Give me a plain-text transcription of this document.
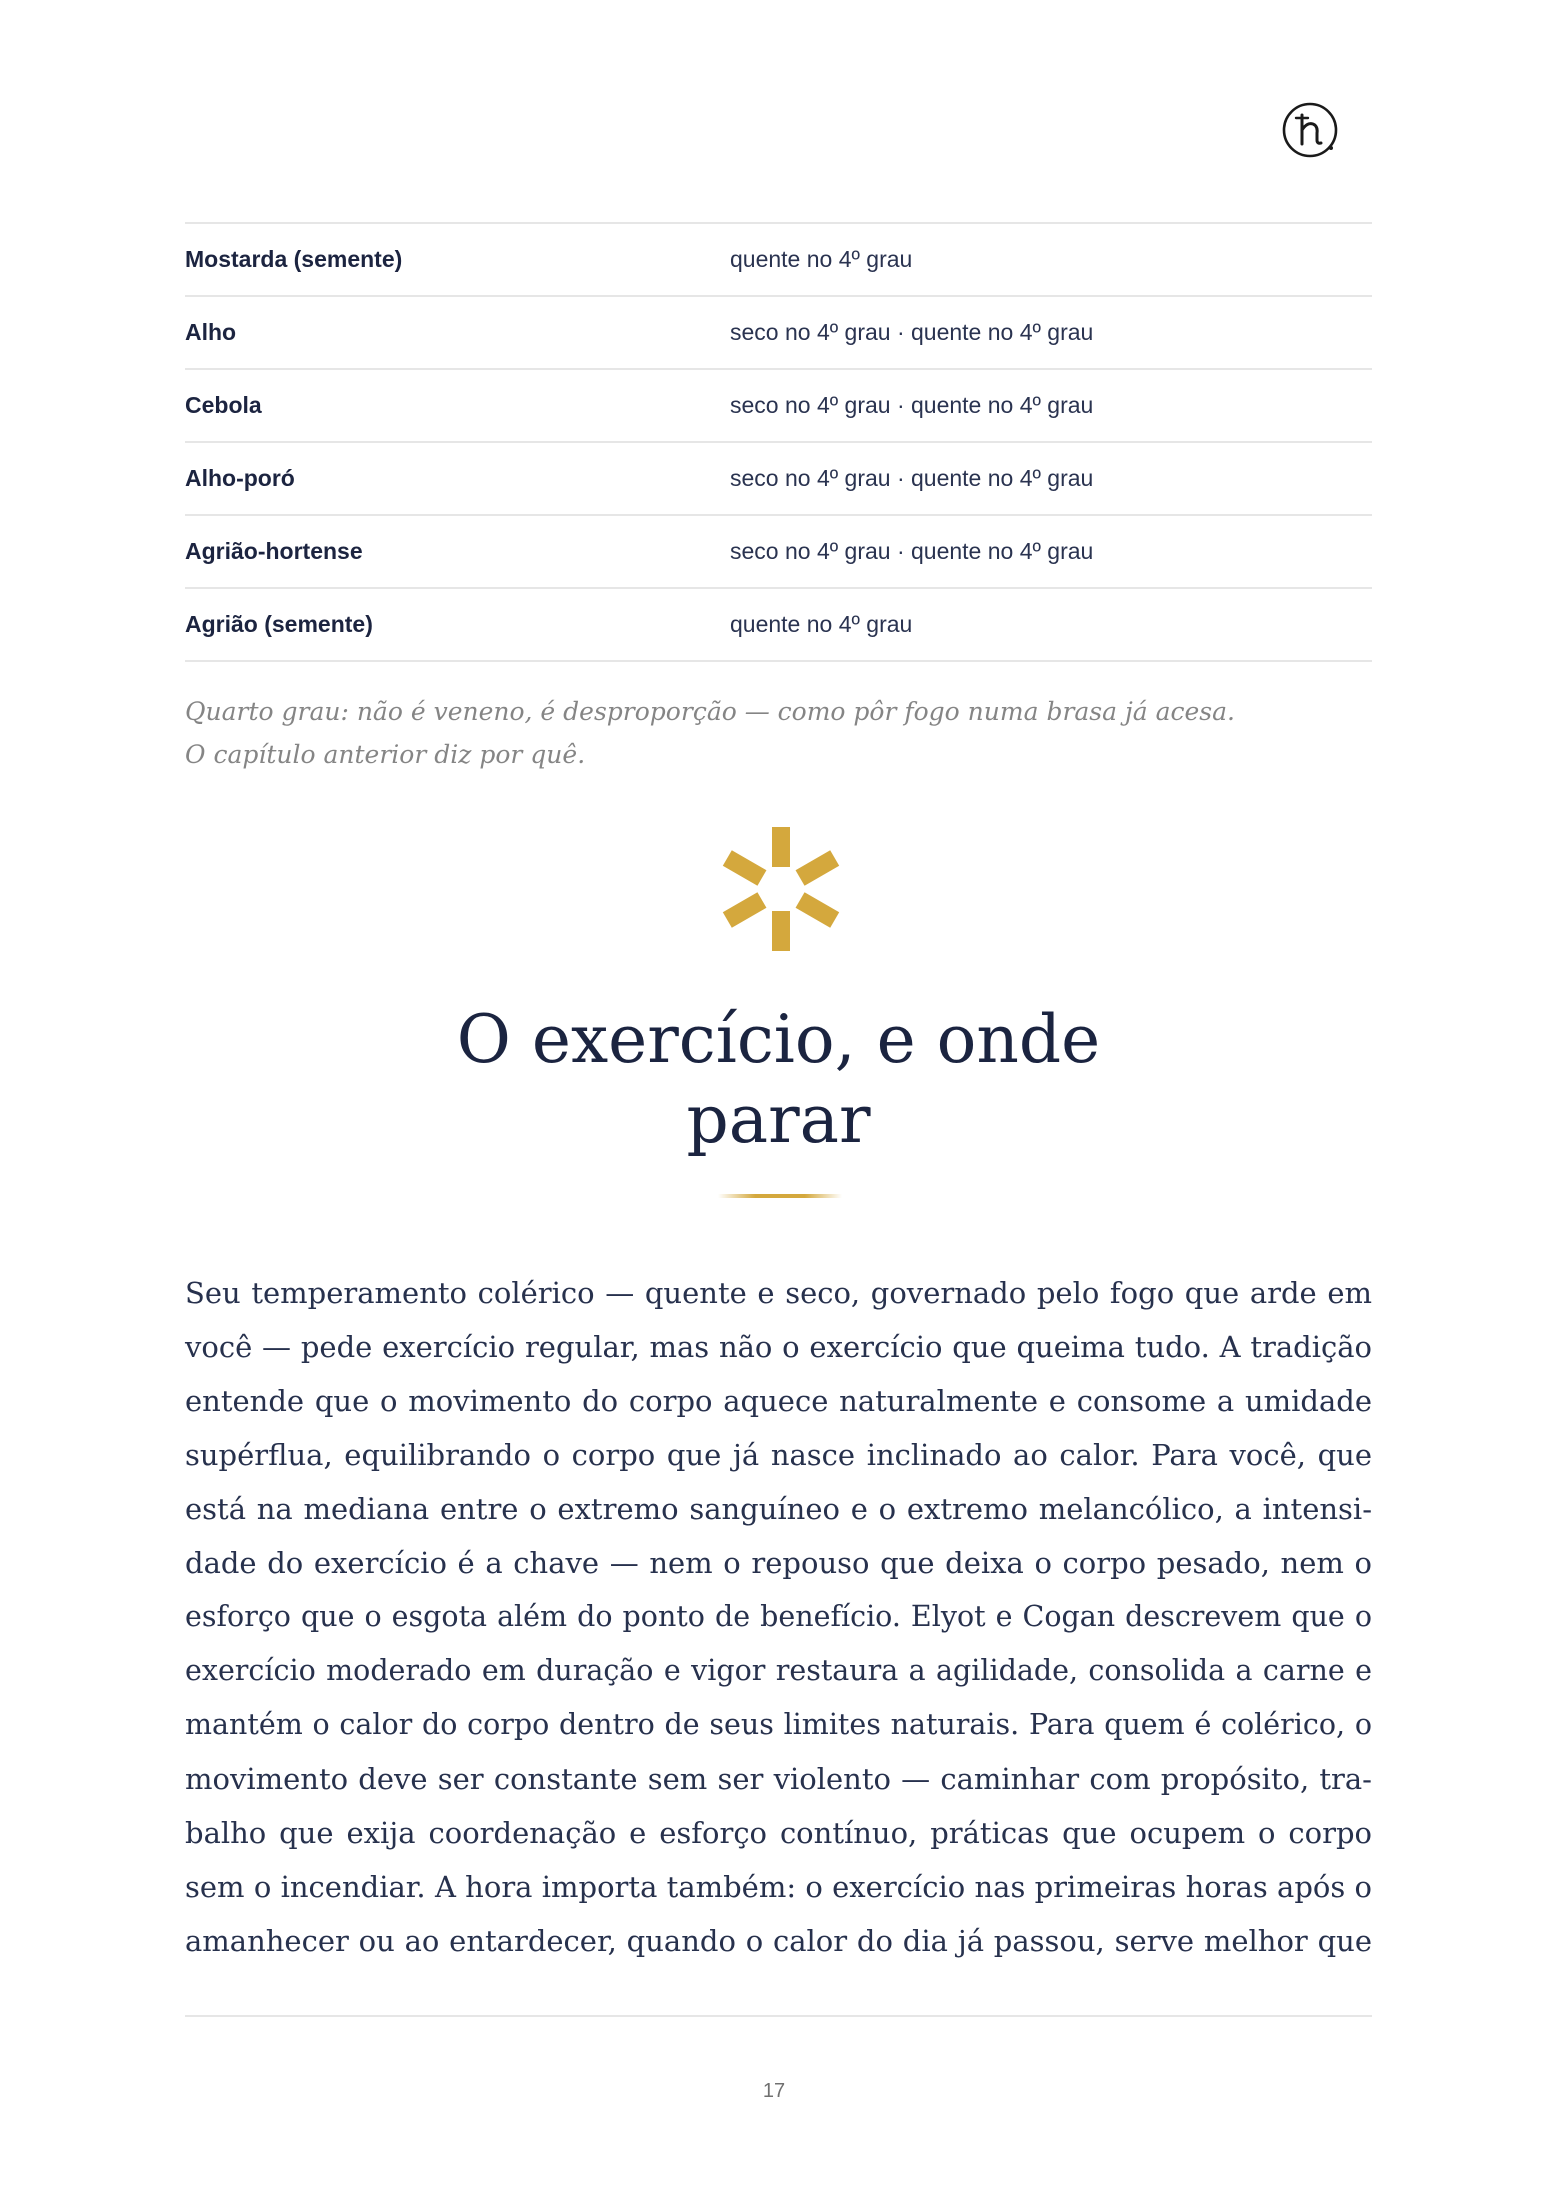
Mostarda (semente)	quente no 4º grau
Alho	seco no 4º grau · quente no 4º grau
Cebola	seco no 4º grau · quente no 4º grau
Alho-poró	seco no 4º grau · quente no 4º grau
Agrião-hortense	seco no 4º grau · quente no 4º grau
Agrião (semente)	quente no 4º grau
Quarto grau: não é veneno, é desproporção — como pôr fogo numa brasa já acesa.
O capítulo anterior diz por quê.
O exercício, e onde
parar
Seu temperamento colérico — quente e seco, governado pelo fogo que arde em
você — pede exercício regular, mas não o exercício que queima tudo. A tradição
entende que o movimento do corpo aquece naturalmente e consome a umidade
supérflua, equilibrando o corpo que já nasce inclinado ao calor. Para você, que
está na mediana entre o extremo sanguíneo e o extremo melancólico, a intensi-
dade do exercício é a chave — nem o repouso que deixa o corpo pesado, nem o
esforço que o esgota além do ponto de benefício. Elyot e Cogan descrevem que o
exercício moderado em duração e vigor restaura a agilidade, consolida a carne e
mantém o calor do corpo dentro de seus limites naturais. Para quem é colérico, o
movimento deve ser constante sem ser violento — caminhar com propósito, tra-
balho que exija coordenação e esforço contínuo, práticas que ocupem o corpo
sem o incendiar. A hora importa também: o exercício nas primeiras horas após o
amanhecer ou ao entardecer, quando o calor do dia já passou, serve melhor que
17
